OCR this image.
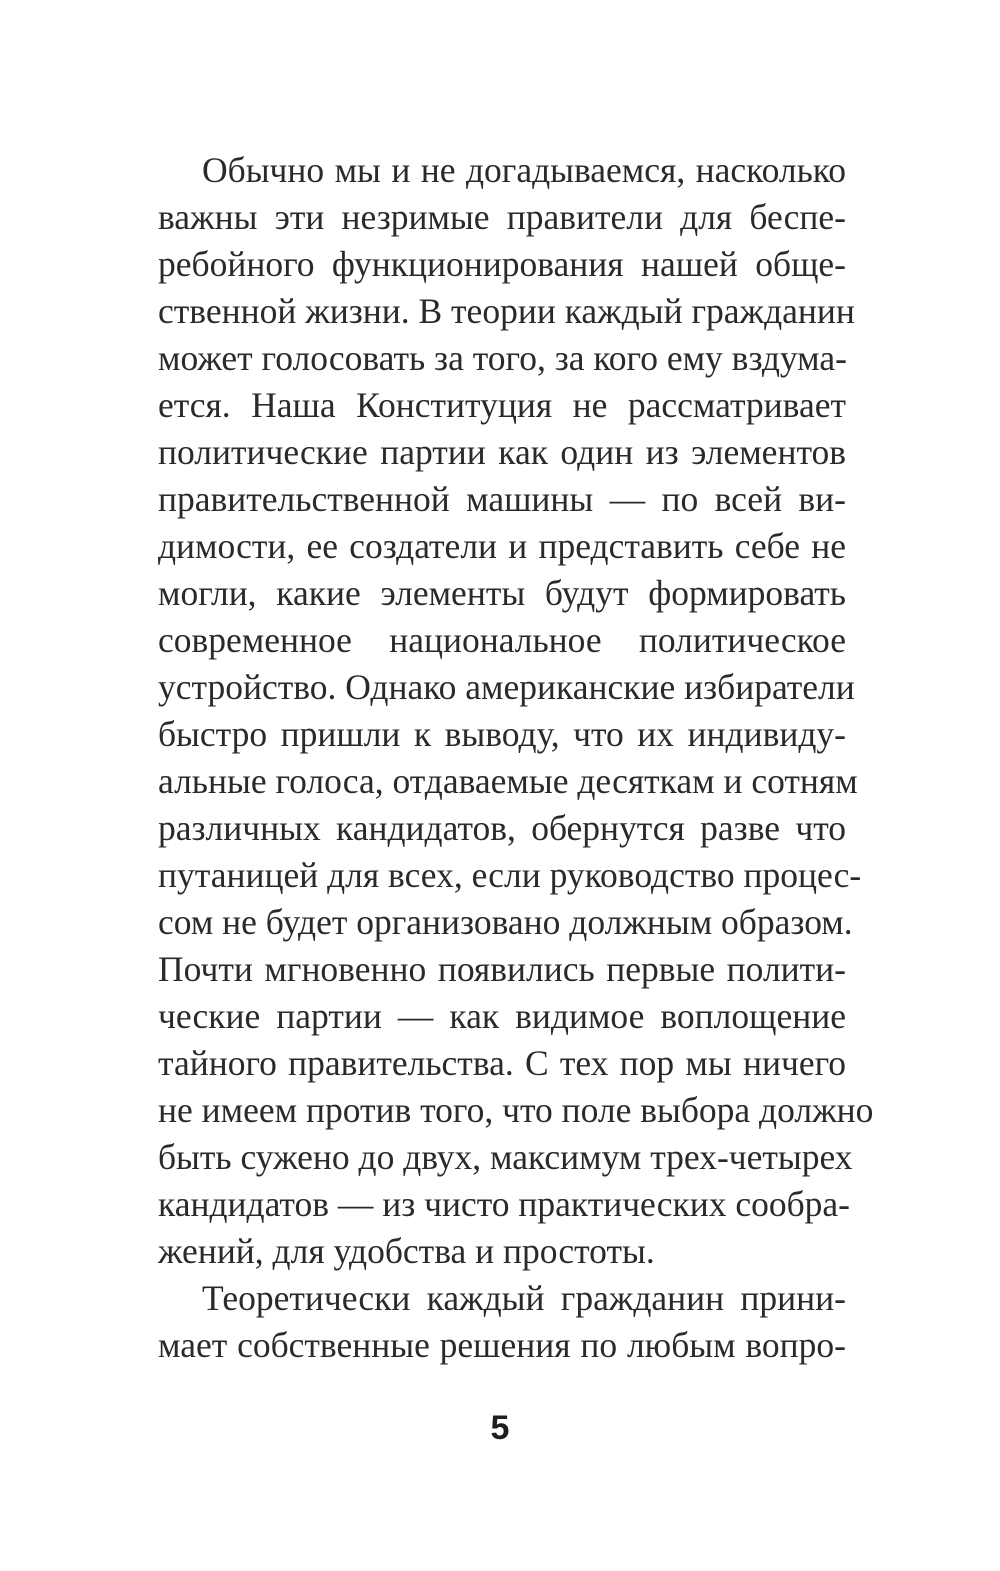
Обычно мы и не догадываемся, насколько
важны эти незримые правители для беспе-
ребойного функционирования нашей обще-
ственной жизни. В теории каждый гражданин
может голосовать за того, за кого ему вздума-
ется. Наша Конституция не рассматривает
политические партии как один из элементов
правительственной машины — по всей ви-
димости, ее создатели и представить себе не
могли, какие элементы будут формировать
современное национальное политическое
устройство. Однако американские избиратели
быстро пришли к выводу, что их индивиду-
альные голоса, отдаваемые десяткам и сотням
различных кандидатов, обернутся разве что
путаницей для всех, если руководство процес-
сом не будет организовано должным образом.
Почти мгновенно появились первые полити-
ческие партии — как видимое воплощение
тайного правительства. С тех пор мы ничего
не имеем против того, что поле выбора должно
быть сужено до двух, максимум трех-четырех
кандидатов — из чисто практических сообра-
жений, для удобства и простоты.
Теоретически каждый гражданин прини-
мает собственные решения по любым вопро-
5
